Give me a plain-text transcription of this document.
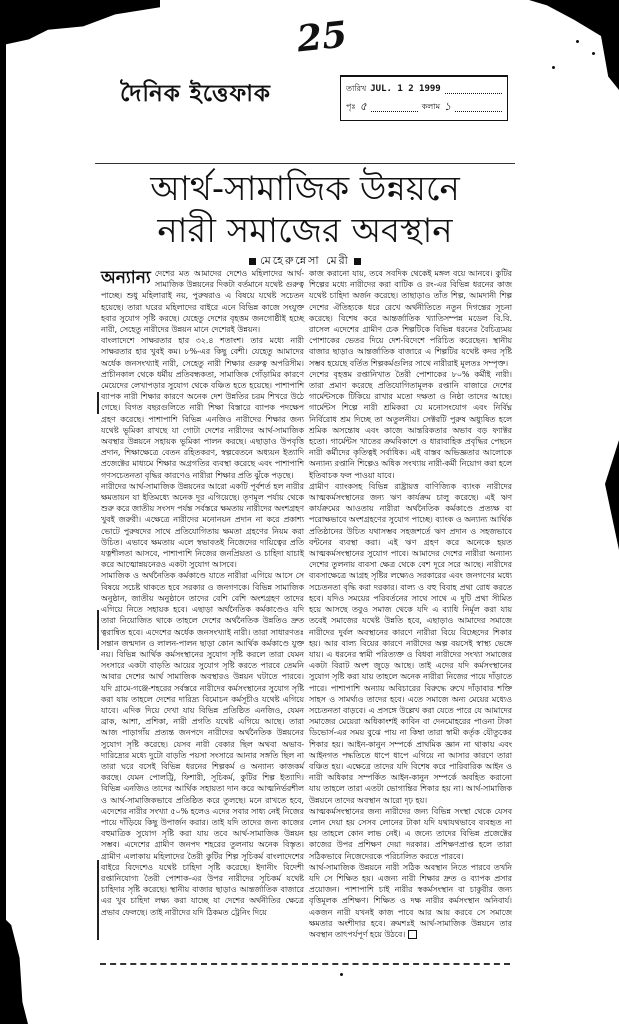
25
দৈনিক ইত্তেফাক	তারিখ JUL. 1 2 1999
পৃঃ ৫	কলাম ১
আর্থ-সামাজিক উন্নয়নে
নারী সমাজের অবস্থান
মেহেরুন্নেসা মেরী

অন্যান্য দেশের মত আমাদের দেশেও মহিলাদের আর্থ-সামাজিক উন্নয়নের দিকটা বর্তমানে যথেষ্ট গুরুত্ব পাচ্ছে। শুধু মহিলারাই নয়, পুরুষরাও এ বিষয়ে যথেষ্ট সচেতন হয়েছে। তারা ঘরের মহিলাদের বাইরে এনে বিভিন্ন কাজে সংযুক্ত হবার সুযোগ সৃষ্টি করছে। যেহেতু দেশের বৃহত্তম জনগোষ্ঠীই হচ্ছে নারী, সেহেতু নারীদের উন্নয়ন মানে দেশেরই উন্নয়ন।

বাংলাদেশে সাক্ষরতার হার ৩২.৪ শতাংশ। তার মধ্যে নারী সাক্ষরতার হার খুবই কম। ৮%-এর কিছু বেশী। যেহেতু আমাদের অর্ধেক জনসংখ্যাই নারী, সেহেতু নারী শিক্ষার গুরুত্ব অপরিসীম। প্রাচীনকাল থেকে ধর্মীয় প্রতিবন্ধকতা, সামাজিক গোঁড়ামির কারণে মেয়েদের লেখাপড়ার সুযোগ থেকে বঞ্চিত হতে হয়েছে। পাশাপাশি ব্যাপক নারী শিক্ষার কারণে অনেক দেশ উন্নতির চরম শিখরে উঠে গেছে। বিগত বছরগুলিতে নারী শিক্ষা বিস্তারে ব্যাপক পদক্ষেপ গ্রহণ করেছে। পাশাপাশি বিভিন্ন এনজিও নারীদের শিক্ষার জন্য যথেষ্ট ভূমিকা রাখছে যা গোটা দেশের নারীদের আর্থ-সামাজিক অবস্থার উন্নয়নে সহায়ক ভূমিকা পালন করছে। এছাড়াও উপবৃত্তি প্রদান, শিক্ষাক্ষেত্রে বেতন রহিতকরণ, স্বল্পবেতনে অধ্যয়ন ইত্যাদি প্রজেক্টের মাধ্যমে শিক্ষার অগ্রগতির ব্যবস্থা করেছে এবং পাশাপাশি গণসচেতনতা বৃদ্ধির কারণেও নারীরা শিক্ষার প্রতি ঝুঁকে পড়ছে।

নারীদের আর্থ-সামাজিক উন্নয়নের আরো একটি পূর্বশর্ত হল নারীর ক্ষমতায়ন যা ইতিমধ্যে অনেক দূর এগিয়েছে। তৃণমূল পর্যায় থেকে শুরু করে জাতীয় সংসদ পর্যন্ত সর্বস্তরে ক্ষমতায় নারীদের অংশগ্রহণ খুবই জরুরী। এক্ষেত্রে নারীদের মনোনয়ন প্রদান না করে প্রকাশ্য ভোটে পুরুষদের সাথে প্রতিযোগিতায় ক্ষমতা গ্রহণের নিয়ম করা উচিত। এভাবে ক্ষমতায় এলে স্বভাবতই নিজেদের দায়িত্বের প্রতি যত্নশীলতা আসবে, পাশাপাশি নিজের জনপ্রিয়তা ও চাহিদা যাচাই করে আত্মোন্নয়নেরও একটা সুযোগ আসবে।

সামাজিক ও অর্থনৈতিক কর্মকাণ্ডে যাতে নারীরা এগিয়ে আসে সে বিষয়ে সচেষ্ট থাকতে হবে সরকার ও জনগণকে। বিভিন্ন সামাজিক অনুষ্ঠান, জাতীয় অনুষ্ঠানে তাদের বেশি বেশি অংশগ্রহণ তাদের এগিয়ে নিতে সহায়ক হবে। এছাড়া অর্থনৈতিক কর্মকাণ্ডেও যদি তারা নিয়োজিত থাকে তাহলে দেশের অর্থনৈতিক উন্নতিও দ্রুত ত্বরান্বিত হবে। এদেশের অর্ধেক জনসংখ্যাই নারী। তারা সাধারণতঃ সন্তান জন্মদান ও লালন-পালন ছাড়া কোন আর্থিক কর্মকাণ্ডে যুক্ত নয়। বিভিন্ন আর্থিক কর্মসংস্থানের সুযোগ সৃষ্টি করলে তারা যেমন সংসারে একটা বাড়তি আয়ের সুযোগ সৃষ্টি করতে পারবে তেমনি আবার দেশের আর্থ সামাজিক অবস্থারও উন্নয়ন ঘটাতে পারবে। যদি গ্রামে-গঞ্জে-শহরের সর্বস্তরে নারীদের কর্মসংস্থানের সুযোগ সৃষ্টি করা যায় তাহলে দেশের দারিদ্র্য বিমোচন কর্মসূচীও যথেষ্ট এগিয়ে যাবে। এদিক দিয়ে দেখা যায় বিভিন্ন প্রতিষ্ঠিত এনজিও, যেমন ব্রাক, আশা, প্রশিকা, নারী প্রগতি যথেষ্ট এগিয়ে আছে। তারা আজ পাড়াগাঁয় প্রত্যন্ত জনপদে নারীদের অর্থনৈতিক উন্নয়নের সুযোগ সৃষ্টি করেছে। যেসব নারী বেকার ছিল অথবা অভাব-দারিদ্র্যের মধ্যে দুটো বাড়তি পয়সা সংসারে আনার সঙ্গতি ছিল না তারা ঘরে বসেই বিভিন্ন ধরনের শিল্পকর্ম ও অন্যান্য কাজকর্ম করছে। যেমন পোলট্রি, ফিশারী, সূচিকর্ম, কুটির শিল্প ইত্যাদি। বিভিন্ন এনজিও তাদের আর্থিক সহায়তা দান করে আত্মনির্ভরশীল ও আর্থ-সামাজিকভাবে প্রতিষ্ঠিত করে তুলছে। মনে রাখতে হবে, এদেশের নারীর সংখ্যা ৫০% হলেও এদের সবার সাধ্য নেই নিজের পায়ে দাঁড়িয়ে কিছু উপার্জন করার। তাই যদি তাদের জন্য কাজের বহুমাত্রিক সুযোগ সৃষ্টি করা যায় তবে আর্থ-সামাজিক উন্নয়ন সম্ভব। এদেশের গ্রামীণ জনপদ শহরের তুলনায় অনেক বিস্তৃত। গ্রামীণ এলাকায় মহিলাদের তৈরী কুটির শিল্প সূচিকর্ম বাংলাদেশের বাইরে বিদেশেও যথেষ্ট চাহিদা সৃষ্টি করেছে। ইদানীং বিদেশী রপ্তানিযোগ্য তৈরী পোশাক-এর উপর নারীদের সূচিকর্ম যথেষ্ট চাহিদার সৃষ্টি করেছে। স্থানীয় বাজার ছাড়াও আন্তর্জাতিক বাজারে এর খুব চাহিদা লক্ষ্য করা যাচ্ছে যা দেশের অর্থনীতির ক্ষেত্রে প্রভাব ফেলছে। তাই নারীদের যদি ঠিকমত ট্রেনিং দিয়ে

কাজ করানো যায়, তবে সবদিক থেকেই মঙ্গল বয়ে আনবে। কুটির শিল্পের মধ্যে নারীদের করা বাটিক ও রং-এর বিভিন্ন ধরনের কাজ যথেষ্ট চাহিদা অর্জন করেছে। তাছাড়াও তাঁত শিল্প, আমদানী শিল্প দেশের ঐতিহ্যকে ধরে রেখে অর্থনীতিতে নতুন দিগন্তের সূচনা করেছে। বিশেষ করে আন্তর্জাতিক খ্যাতিসম্পন্ন মডেল বি.বি. রাসেল এদেশের গ্রামীণ চেক শিল্পটিকে বিভিন্ন ধরনের বৈচিত্র্যময় পোশাকের ভেতর দিয়ে দেশ-বিদেশে পরিচিত করেছেন। স্থানীয় বাজার ছাড়াও আন্তর্জাতিক বাজারে এ শিল্পটির যথেষ্ট কদর সৃষ্টি সম্ভব হয়েছে বর্তিত শিল্পকর্মগুলির সাথে নারীরাই মূলতঃ সম্পৃক্ত।

দেশের বৃহত্তম রপ্তানিখাত তৈরী পোশাকের ৮০% কর্মীই নারী। তারা প্রমাণ করেছে প্রতিযোগিতামূলক রপ্তানি বাজারে দেশের গার্মেন্টসকে টিকিয়ে রাখার মতো দক্ষতা ও নিষ্ঠা তাদের আছে। গার্মেন্টস শিল্পে নারী শ্রমিকরা যে মনোসংযোগ এবং নির্বিঘ্ন নির্বিরোধ শ্রম দিচ্ছে তা অতুলনীয়। সেক্টরটি পুরুষ অধ্যুষিত হলে শ্রমিক অসন্তোষ এবং কাজে আন্তরিকতার অভাব বড় ফ্যাক্টর হতো। গার্মেন্টস খাতের ক্রমবিকাশে ও ধারাবাহিক প্রবৃদ্ধির পেছনে নারী কর্মীদের কৃতিত্বই সর্বাধিক। এই বাস্তব অভিজ্ঞতার আলোকে অন্যান্য রপ্তানি শিল্পেও অধিক সংখ্যায় নারী-কর্মী নিয়োগ করা হলে ইতিবাচক ফল পাওয়া যাবে।

গ্রামীণ ব্যাংকসহ বিভিন্ন রাষ্ট্রায়ত্ত বাণিজ্যিক ব্যাংক নারীদের আত্মকর্মসংস্থানের জন্য ঋণ কার্যক্রম চালু করেছে। এই ঋণ কার্যক্রমের আওতায় নারীরা অর্থনৈতিক কর্মকাণ্ডে প্রত্যক্ষ বা পরোক্ষভাবে অংশগ্রহণের সুযোগ পাচ্ছে। ব্যাংক ও অন্যান্য আর্থিক প্রতিষ্ঠানের উচিত যথাসম্ভব সহজশর্তে ঋণ প্রদান ও সহজভাবে বন্টনের ব্যবস্থা করা। এই ঋণ গ্রহণ করে অনেকে হয়ত আত্মকর্মসংস্থানের সুযোগ পাবে। আমাদের দেশের নারীরা অন্যান্য দেশের তুলনায় ব্যবসা ক্ষেত্র থেকে বেশ দূরে সরে আছে। নারীদের ব্যবসাক্ষেত্রে আগ্রহ সৃষ্টির লক্ষ্যেও সরকারের এবং জনগণের মধ্যে সচেতনতা বৃদ্ধি করা দরকার। বাল্য ও বহু বিবাহ প্রথা রোধ করতে হবে। যদিও সময়ের পরিবর্তনের সাথে সাথে এ দুটি প্রথা সীমিত হয়ে আসছে তবুও সমাজ থেকে যদি এ ব্যাধি নির্মূল করা যায় তবেই সমাজের যথেষ্ট উন্নতি হবে, এছাড়াও আমাদের সমাজে নারীদের দুর্বল অবস্থানের কারণে নারীরা বিয়ে বিচ্ছেদের শিকার হয়। আর বাল্য বিয়ের কারণে নারীদের অল্প বয়সেই স্বাস্থ্য ভেঙ্গে যায়। এ ধরনের স্বামী পরিত্যক্ত ও বিধবা নারীদের সংখ্যা সমাজের একটা বিরাট অংশ জুড়ে আছে। তাই এদের যদি কর্মসংস্থানের সুযোগ সৃষ্টি করা যায় তাহলে অনেক নারীরা নিজের পায়ে দাঁড়াতে পারে। পাশাপাশি অন্যায় অবিচারের বিরুদ্ধে রুখে দাঁড়াবার শক্তি সাহস ও সামর্থ্যও তাদের হবে। এতে সমাজে অন্য মেয়ের মধ্যেও সচেতনতা বাড়বে। এ প্রসঙ্গে উল্লেখ করা যেতে পারে যে আমাদের সমাজের মেয়েরা অধিকাংশই কাবিন বা দেনমোহরের পাওনা টাকা ডিভোর্স-এর সময় বুঝে পায় না কিম্বা তারা স্বামী কর্তৃক যৌতুকের শিকার হয়। আইন-কানুন সম্পর্কে প্রাথমিক জ্ঞান না থাকায় এবং আইনগত পদ্ধতিতে ধাপে ধাপে এগিয়ে না আসার কারণে তারা বঞ্চিত হয়। এক্ষেত্রে তাদের যদি বিশেষ করে পারিবারিক আইন ও নারী অধিকার সম্পর্কিত আইন-কানুন সম্পর্কে অবহিত করানো যায় তাহলে তারা এতটা ভোগান্তির শিকার হয় না। আর্থ-সামাজিক উন্নয়নে তাদের অবস্থান আরো দৃঢ় হয়।

আত্মকর্মসংস্থানের জন্য নারীদের জন্য বিভিন্ন সংস্থা থেকে যেসব লোন দেয়া হয় সেসব লোনের টাকা যদি যথাযথভাবে ব্যবহৃত না হয় তাহলে কোন লাভ নেই। এ জন্যে তাদের বিভিন্ন প্রজেক্টের কাজের উপর প্রশিক্ষণ দেয়া দরকার। প্রশিক্ষণপ্রাপ্ত হলে তারা সঠিকভাবে নিজেদেরকে পরিচালিত করতে পারবে।

আর্থ-সামাজিক উন্নয়নে নারী সঠিক অবস্থান নিতে পারবে তখনি যদি সে শিক্ষিত হয়। এজন্য নারী শিক্ষার দ্রুত ও ব্যাপক প্রসার প্রয়োজন। পাশাপাশি চাই নারীর স্বকর্মসংস্থান বা চাকুরীর জন্য বৃত্তিমূলক প্রশিক্ষণ। শিক্ষিত ও দক্ষ নারীর কর্মসংস্থান অনিবার্য। একজন নারী যখনই কাজ পাবে আর আয় করবে সে সমাজে ক্ষমতার অংশীদার হবে। ক্রমশঃই আর্থ-সামাজিক উন্নয়নে তার অবস্থান তাৎপর্যপূর্ণ হয়ে উঠবে।
